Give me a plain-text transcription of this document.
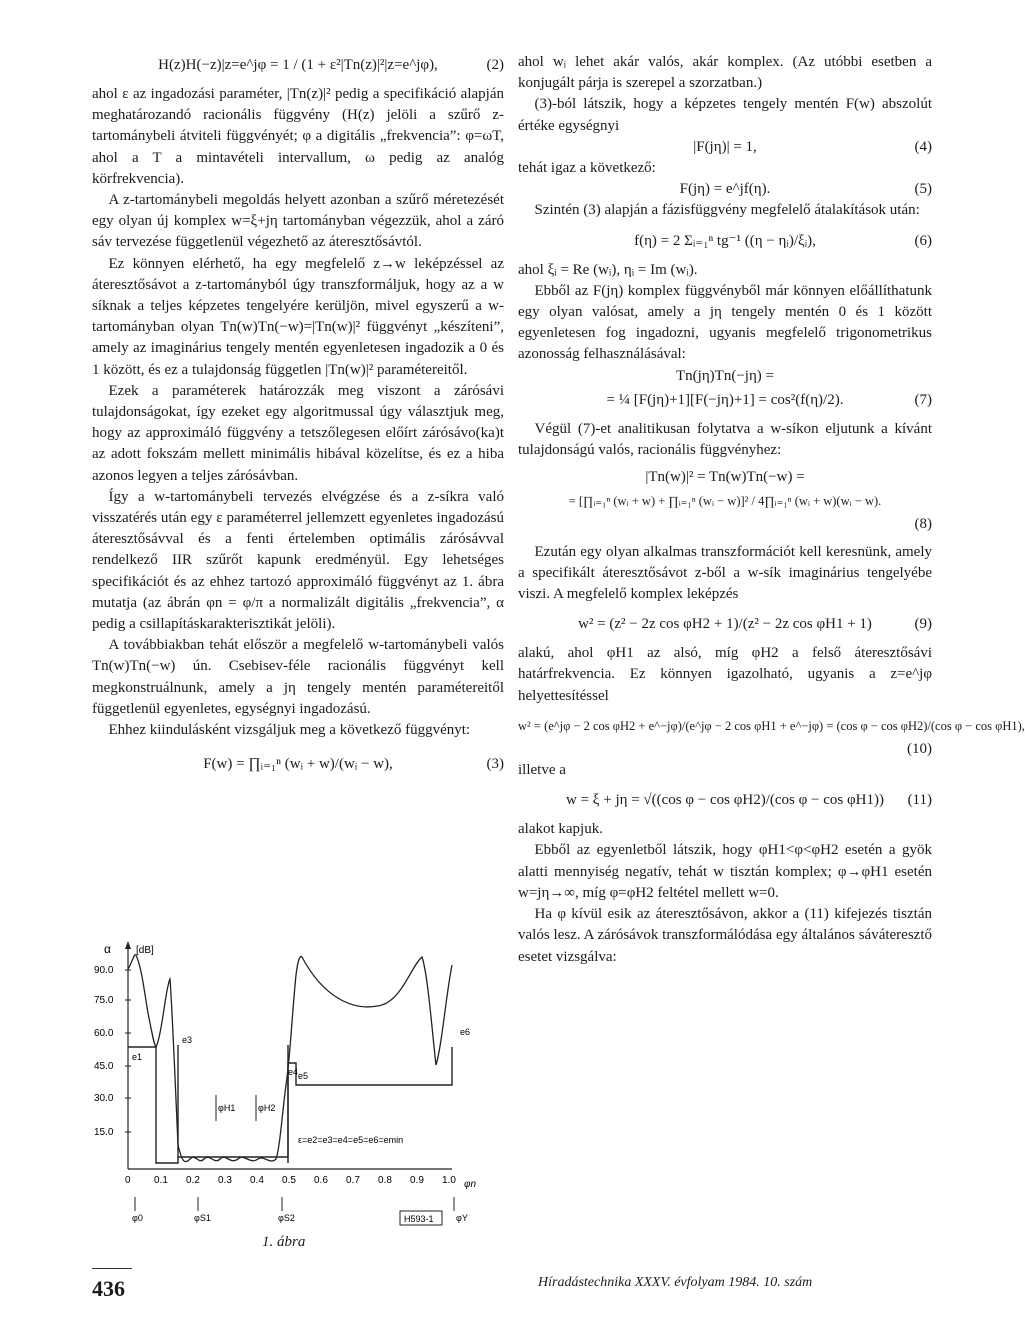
H(z)H(−z)|z=e^jφ = 1 / (1 + ε²|Tn(z)|²|z=e^jφ),	(2)

ahol ε az ingadozási paraméter, |Tn(z)|² pedig a specifikáció alapján meghatározandó racionális függvény (H(z) jelöli a szűrő z-tartománybeli átviteli függvényét; φ a digitális „frekvencia”: φ=ωT, ahol a T a mintavételi intervallum, ω pedig az analóg körfrekvencia).

A z-tartománybeli megoldás helyett azonban a szűrő méretezését egy olyan új komplex w=ξ+jη tartományban végezzük, ahol a záró sáv tervezése függetlenül végezhető az áteresztősávtól.

Ez könnyen elérhető, ha egy megfelelő z→w leképzéssel az áteresztősávot a z-tartományból úgy transzformáljuk, hogy az a w síknak a teljes képzetes tengelyére kerüljön, mivel egyszerű a w-tartományban olyan Tn(w)Tn(−w)=|Tn(w)|² függvényt „készíteni”, amely az imaginárius tengely mentén egyenletesen ingadozik a 0 és 1 között, és ez a tulajdonság független |Tn(w)|² paramétereitől.

Ezek a paraméterek határozzák meg viszont a zárósávi tulajdonságokat, így ezeket egy algoritmussal úgy választjuk meg, hogy az approximáló függvény a tetszőlegesen előírt zárósávo(ka)t az adott fokszám mellett minimális hibával közelítse, és ez a hiba azonos legyen a teljes zárósávban.

Így a w-tartománybeli tervezés elvégzése és a z-síkra való visszatérés után egy ε paraméterrel jellemzett egyenletes ingadozású áteresztősávval és a fenti értelemben optimális zárósávval rendelkező IIR szűrőt kapunk eredményül. Egy lehetséges specifikációt és az ehhez tartozó approximáló függvényt az 1. ábra mutatja (az ábrán φn = φ/π a normalizált digitális „frekvencia”, α pedig a csillapításkarakterisztikát jelöli).

A továbbiakban tehát először a megfelelő w-tartománybeli valós Tn(w)Tn(−w) ún. Csebisev-féle racionális függvényt kell megkonstruálnunk, amely a jη tengely mentén paramétereitől függetlenül egyenletes, egységnyi ingadozású.

Ehhez kiindulásként vizsgáljuk meg a következő függvényt:

F(w) = ∏ᵢ₌₁ⁿ (wᵢ + w)/(wᵢ − w),	(3)
α	[dB]
90.0
75.0
60.0
45.0
30.0
15.0
0 0.1 0.2 0.3 0.4 0.5 0.6 0.7 0.8 0.9 1.0 φn
e1
e3
e4 e5
e6
ε=e2=e3=e4=e5=e6=emin
φH1	φH2
φ0	φS1	φS2	φY
H593-1
1. ábra

ahol wᵢ lehet akár valós, akár komplex. (Az utóbbi esetben a konjugált párja is szerepel a szorzatban.)

(3)-ból látszik, hogy a képzetes tengely mentén F(w) abszolút értéke egységnyi

|F(jη)| = 1,	(4)

tehát igaz a következő:

F(jη) = e^jf(η).	(5)

Szintén (3) alapján a fázisfüggvény megfelelő átalakítások után:

f(η) = 2 Σᵢ₌₁ⁿ tg⁻¹ ((η − ηᵢ)/ξᵢ),	(6)

ahol ξᵢ = Re (wᵢ), ηᵢ = Im (wᵢ).

Ebből az F(jη) komplex függvényből már könnyen előállíthatunk egy olyan valósat, amely a jη tengely mentén 0 és 1 között egyenletesen fog ingadozni, ugyanis megfelelő trigonometrikus azonosság felhasználásával:

Tn(jη)Tn(−jη) =
= ¼ [F(jη)+1][F(−jη)+1] = cos²(f(η)/2).	(7)

Végül (7)-et analitikusan folytatva a w-síkon eljutunk a kívánt tulajdonságú valós, racionális függvényhez:

|Tn(w)|² = Tn(w)Tn(−w) =
= [∏ᵢ₌₁ⁿ (wᵢ + w) + ∏ᵢ₌₁ⁿ (wᵢ − w)]² / 4∏ᵢ₌₁ⁿ (wᵢ + w)(wᵢ − w).
(8)

Ezután egy olyan alkalmas transzformációt kell keresnünk, amely a specifikált áteresztősávot z-ből a w-sík imaginárius tengelyébe viszi. A megfelelő komplex leképzés

w² = (z² − 2z cos φH2 + 1)/(z² − 2z cos φH1 + 1)	(9)

alakú, ahol φH1 az alsó, míg φH2 a felső áteresztősávi határfrekvencia. Ez könnyen igazolható, ugyanis a z=e^jφ helyettesítéssel

w² = (e^jφ − 2 cos φH2 + e^−jφ)/(e^jφ − 2 cos φH1 + e^−jφ) = (cos φ − cos φH2)/(cos φ − cos φH1),
(10)

illetve a

w = ξ + jη = √((cos φ − cos φH2)/(cos φ − cos φH1)) (11)

alakot kapjuk.

Ebből az egyenletből látszik, hogy φH1<φ<φH2 esetén a gyök alatti mennyiség negatív, tehát w tisztán komplex; φ→φH1 esetén w=jη→∞, míg φ=φH2 feltétel mellett w=0.

Ha φ kívül esik az áteresztősávon, akkor a (11) kifejezés tisztán valós lesz. A zárósávok transzformálódása egy általános sáváteresztő esetet vizsgálva:

436	Híradástechnika XXXV. évfolyam 1984. 10. szám
